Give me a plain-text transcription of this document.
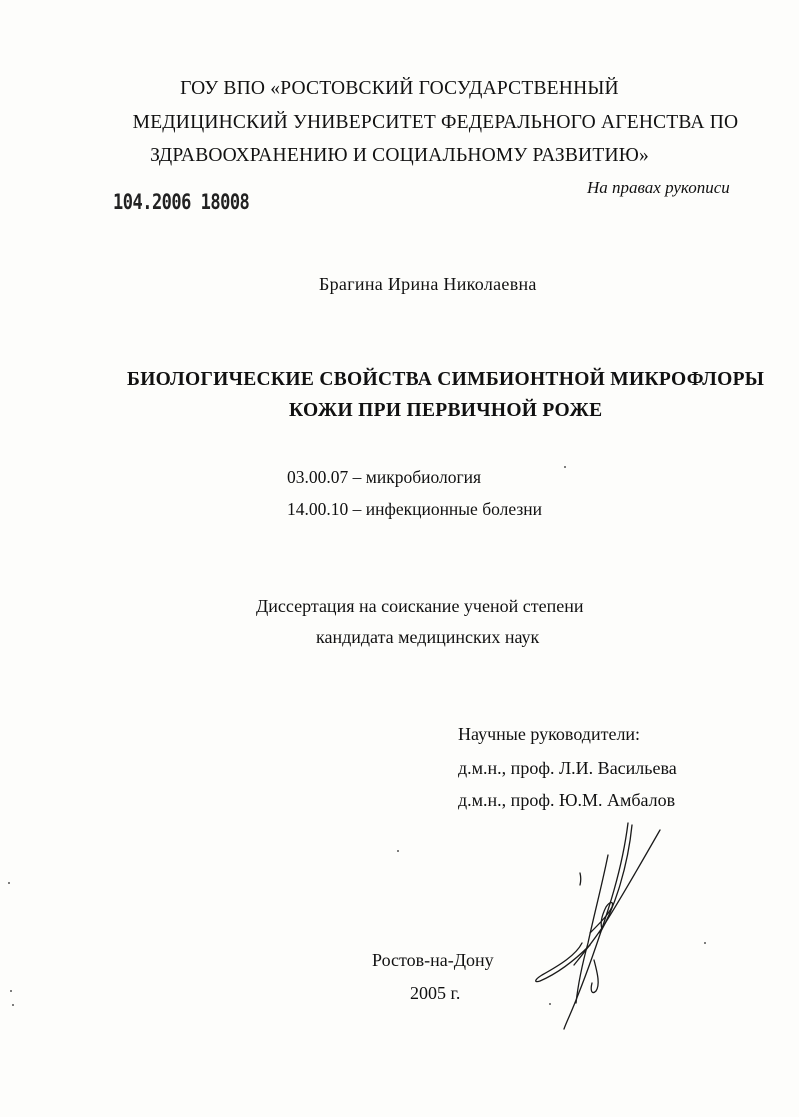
ГОУ ВПО «РОСТОВСКИЙ ГОСУДАРСТВЕННЫЙ
МЕДИЦИНСКИЙ УНИВЕРСИТЕТ ФЕДЕРАЛЬНОГО АГЕНСТВА ПО
ЗДРАВООХРАНЕНИЮ И СОЦИАЛЬНОМУ РАЗВИТИЮ»
104.2006 18008
На правах рукописи
Брагина Ирина Николаевна
БИОЛОГИЧЕСКИЕ СВОЙСТВА СИМБИОНТНОЙ МИКРОФЛОРЫ
КОЖИ ПРИ ПЕРВИЧНОЙ РОЖЕ
03.00.07 – микробиология
14.00.10 – инфекционные болезни
Диссертация на соискание ученой степени
кандидата медицинских наук
Научные руководители:
д.м.н., проф. Л.И. Васильева
д.м.н., проф. Ю.М. Амбалов
Ростов-на-Дону
2005 г.
